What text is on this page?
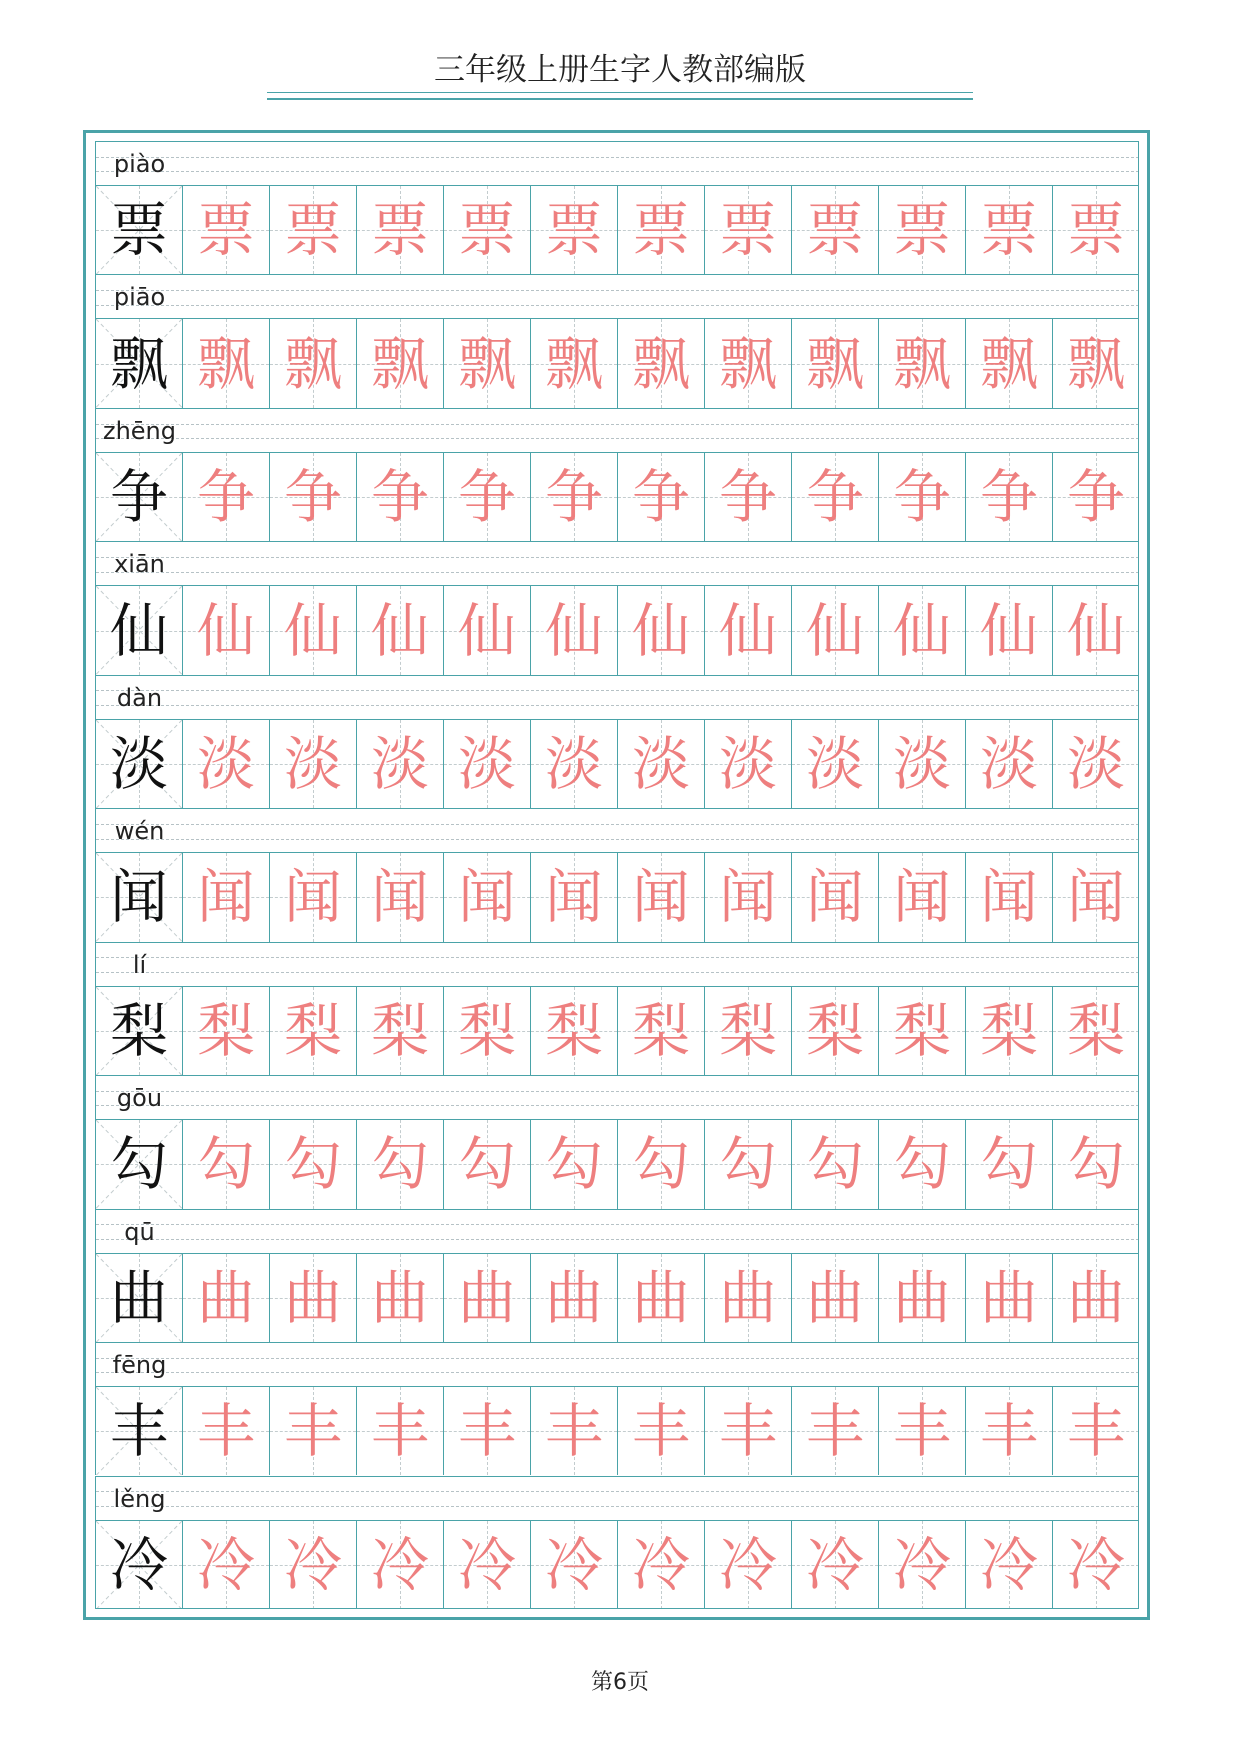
三年级上册生字人教部编版
piào
票 票 票 票 票 票 票 票 票 票 票 票
piāo
飘 飘 飘 飘 飘 飘 飘 飘 飘 飘 飘 飘
zhēng
争 争 争 争 争 争 争 争 争 争 争 争
xiān
仙 仙 仙 仙 仙 仙 仙 仙 仙 仙 仙 仙
dàn
淡 淡 淡 淡 淡 淡 淡 淡 淡 淡 淡 淡
wén
闻 闻 闻 闻 闻 闻 闻 闻 闻 闻 闻 闻
lí
梨 梨 梨 梨 梨 梨 梨 梨 梨 梨 梨 梨
gōu
勾 勾 勾 勾 勾 勾 勾 勾 勾 勾 勾 勾
qū
曲 曲 曲 曲 曲 曲 曲 曲 曲 曲 曲 曲
fēng
丰 丰 丰 丰 丰 丰 丰 丰 丰 丰 丰 丰
lěng
冷 冷 冷 冷 冷 冷 冷 冷 冷 冷 冷 冷
第6页
